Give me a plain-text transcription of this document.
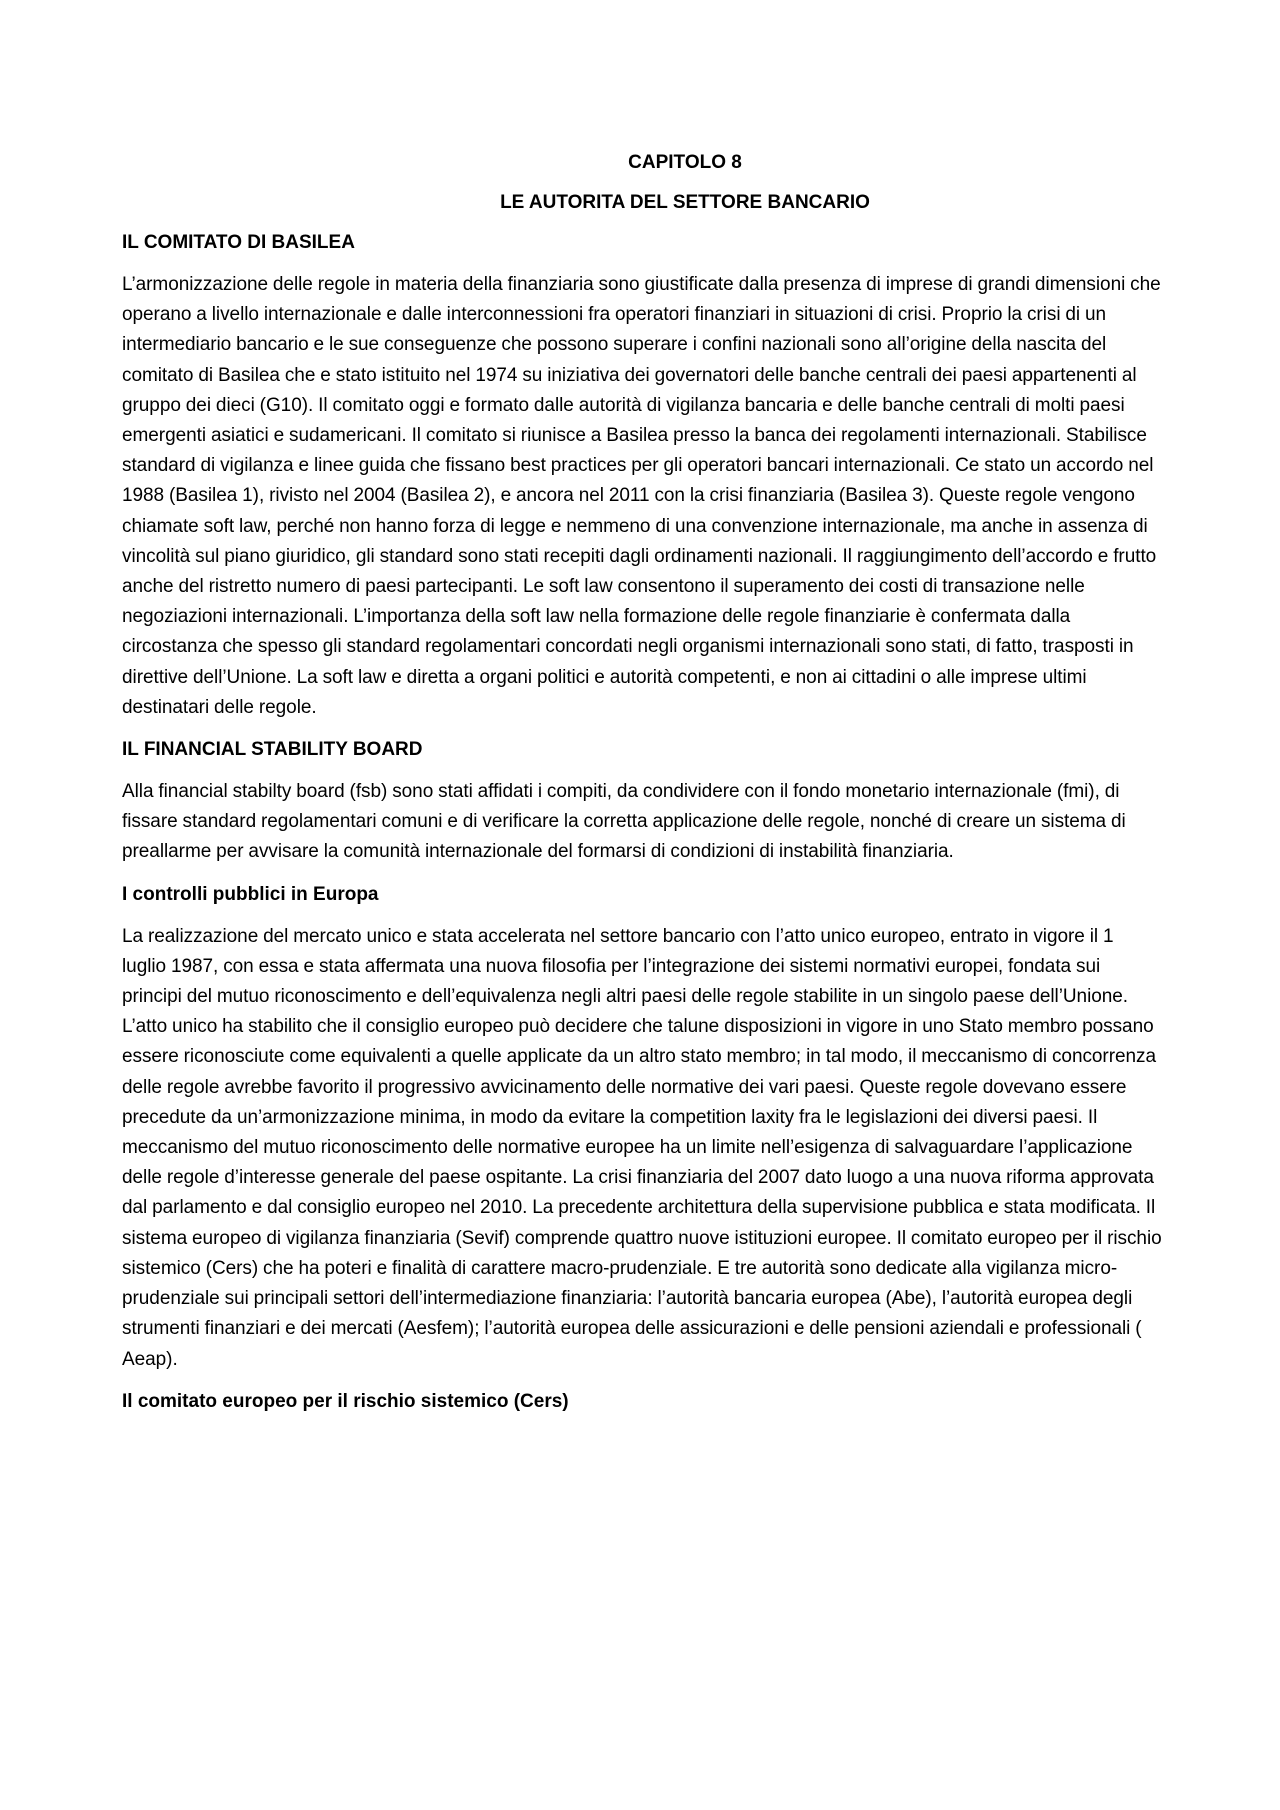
CAPITOLO 8
LE AUTORITA DEL SETTORE BANCARIO
IL COMITATO DI BASILEA

L’armonizzazione delle regole in materia della finanziaria sono giustificate dalla presenza di imprese di grandi dimensioni che operano a livello internazionale e dalle interconnessioni fra operatori finanziari in situazioni di crisi. Proprio la crisi di un intermediario bancario e le sue conseguenze che possono superare i confini nazionali sono all’origine della nascita del comitato di Basilea che e stato istituito nel 1974 su iniziativa dei governatori delle banche centrali dei paesi appartenenti al gruppo dei dieci (G10). Il comitato oggi e formato dalle autorità di vigilanza bancaria e delle banche centrali di molti paesi emergenti asiatici e sudamericani. Il comitato si riunisce a Basilea presso la banca dei regolamenti internazionali. Stabilisce standard di vigilanza e linee guida che fissano best practices per gli operatori bancari internazionali. Ce stato un accordo nel 1988 (Basilea 1), rivisto nel 2004 (Basilea 2), e ancora nel 2011 con la crisi finanziaria (Basilea 3). Queste regole vengono chiamate soft law, perché non hanno forza di legge e nemmeno di una convenzione internazionale, ma anche in assenza di vincolità sul piano giuridico, gli standard sono stati recepiti dagli ordinamenti nazionali. Il raggiungimento dell’accordo e frutto anche del ristretto numero di paesi partecipanti. Le soft law consentono il superamento dei costi di transazione nelle negoziazioni internazionali. L’importanza della soft law nella formazione delle regole finanziarie è confermata dalla circostanza che spesso gli standard regolamentari concordati negli organismi internazionali sono stati, di fatto, trasposti in direttive dell’Unione. La soft law e diretta a organi politici e autorità competenti, e non ai cittadini o alle imprese ultimi destinatari delle regole.

IL FINANCIAL STABILITY BOARD

Alla financial stabilty board (fsb) sono stati affidati i compiti, da condividere con il fondo monetario internazionale (fmi), di fissare standard regolamentari comuni e di verificare la corretta applicazione delle regole, nonché di creare un sistema di preallarme per avvisare la comunità internazionale del formarsi di condizioni di instabilità finanziaria.

I controlli pubblici in Europa

La realizzazione del mercato unico e stata accelerata nel settore bancario con l’atto unico europeo, entrato in vigore il 1 luglio 1987, con essa e stata affermata una nuova filosofia per l’integrazione dei sistemi normativi europei, fondata sui principi del mutuo riconoscimento e dell’equivalenza negli altri paesi delle regole stabilite in un singolo paese dell’Unione. L’atto unico ha stabilito che il consiglio europeo può decidere che talune disposizioni in vigore in uno Stato membro possano essere riconosciute come equivalenti a quelle applicate da un altro stato membro; in tal modo, il meccanismo di concorrenza delle regole avrebbe favorito il progressivo avvicinamento delle normative dei vari paesi. Queste regole dovevano essere precedute da un’armonizzazione minima, in modo da evitare la competition laxity fra le legislazioni dei diversi paesi. Il meccanismo del mutuo riconoscimento delle normative europee ha un limite nell’esigenza di salvaguardare l’applicazione delle regole d’interesse generale del paese ospitante. La crisi finanziaria del 2007 dato luogo a una nuova riforma approvata dal parlamento e dal consiglio europeo nel 2010. La precedente architettura della supervisione pubblica e stata modificata. Il sistema europeo di vigilanza finanziaria (Sevif) comprende quattro nuove istituzioni europee. Il comitato europeo per il rischio sistemico (Cers) che ha poteri e finalità di carattere macro-prudenziale. E tre autorità sono dedicate alla vigilanza micro-prudenziale sui principali settori dell’intermediazione finanziaria: l’autorità bancaria europea (Abe), l’autorità europea degli strumenti finanziari e dei mercati (Aesfem); l’autorità europea delle assicurazioni e delle pensioni aziendali e professionali ( Aeap).

Il comitato europeo per il rischio sistemico (Cers)
